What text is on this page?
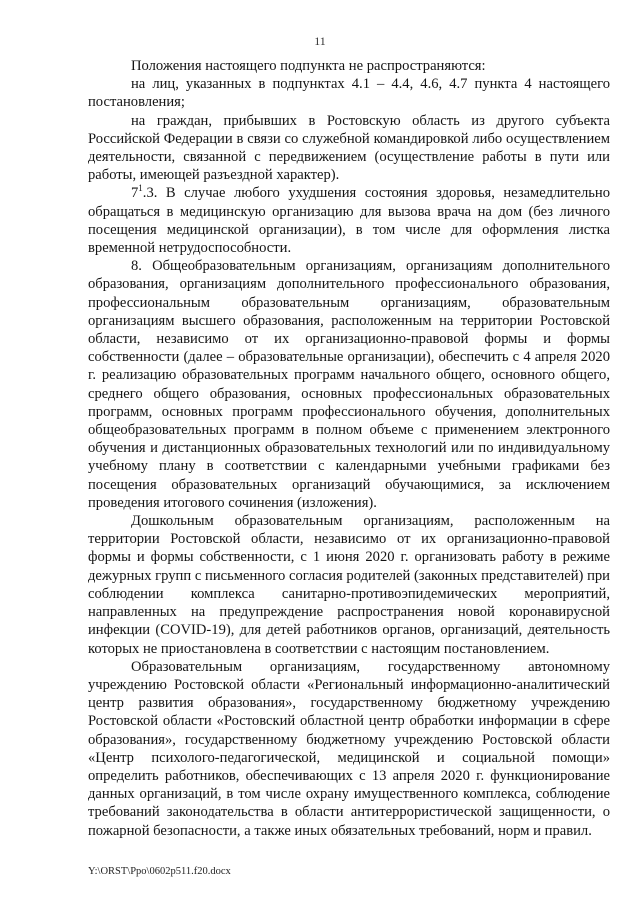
11

Положения настоящего подпункта не распространяются:

на лиц, указанных в подпунктах 4.1 – 4.4, 4.6, 4.7 пункта 4 настоящего постановления;

на граждан, прибывших в Ростовскую область из другого субъекта Российской Федерации в связи со служебной командировкой либо осуществлением деятельности, связанной с передвижением (осуществление работы в пути или работы, имеющей разъездной характер).

$7^1.3$. В случае любого ухудшения состояния здоровья, незамедлительно обращаться в медицинскую организацию для вызова врача на дом (без личного посещения медицинской организации), в том числе для оформления листка временной нетрудоспособности.

8. Общеобразовательным организациям, организациям дополнительного образования, организациям дополнительного профессионального образования, профессиональным образовательным организациям, образовательным организациям высшего образования, расположенным на территории Ростовской области, независимо от их организационно-правовой формы и формы собственности (далее – образовательные организации), обеспечить с 4 апреля 2020 г. реализацию образовательных программ начального общего, основного общего, среднего общего образования, основных профессиональных образовательных программ, основных программ профессионального обучения, дополнительных общеобразовательных программ в полном объеме с применением электронного обучения и дистанционных образовательных технологий или по индивидуальному учебному плану в соответствии с календарными учебными графиками без посещения образовательных организаций обучающимися, за исключением проведения итогового сочинения (изложения).

Дошкольным образовательным организациям, расположенным на территории Ростовской области, независимо от их организационно-правовой формы и формы собственности, с 1 июня 2020 г. организовать работу в режиме дежурных групп с письменного согласия родителей (законных представителей) при соблюдении комплекса санитарно-противоэпидемических мероприятий, направленных на предупреждение распространения новой коронавирусной инфекции (COVID-19), для детей работников органов, организаций, деятельность которых не приостановлена в соответствии с настоящим постановлением.

Образовательным организациям, государственному автономному учреждению Ростовской области «Региональный информационно-аналитический центр развития образования», государственному бюджетному учреждению Ростовской области «Ростовский областной центр обработки информации в сфере образования», государственному бюджетному учреждению Ростовской области «Центр психолого-педагогической, медицинской и социальной помощи» определить работников, обеспечивающих с 13 апреля 2020 г. функционирование данных организаций, в том числе охрану имущественного комплекса, соблюдение требований законодательства в области антитеррористической защищенности, о пожарной безопасности, а также иных обязательных требований, норм и правил.

Y:\ORST\Ppo\0602p511.f20.docx
